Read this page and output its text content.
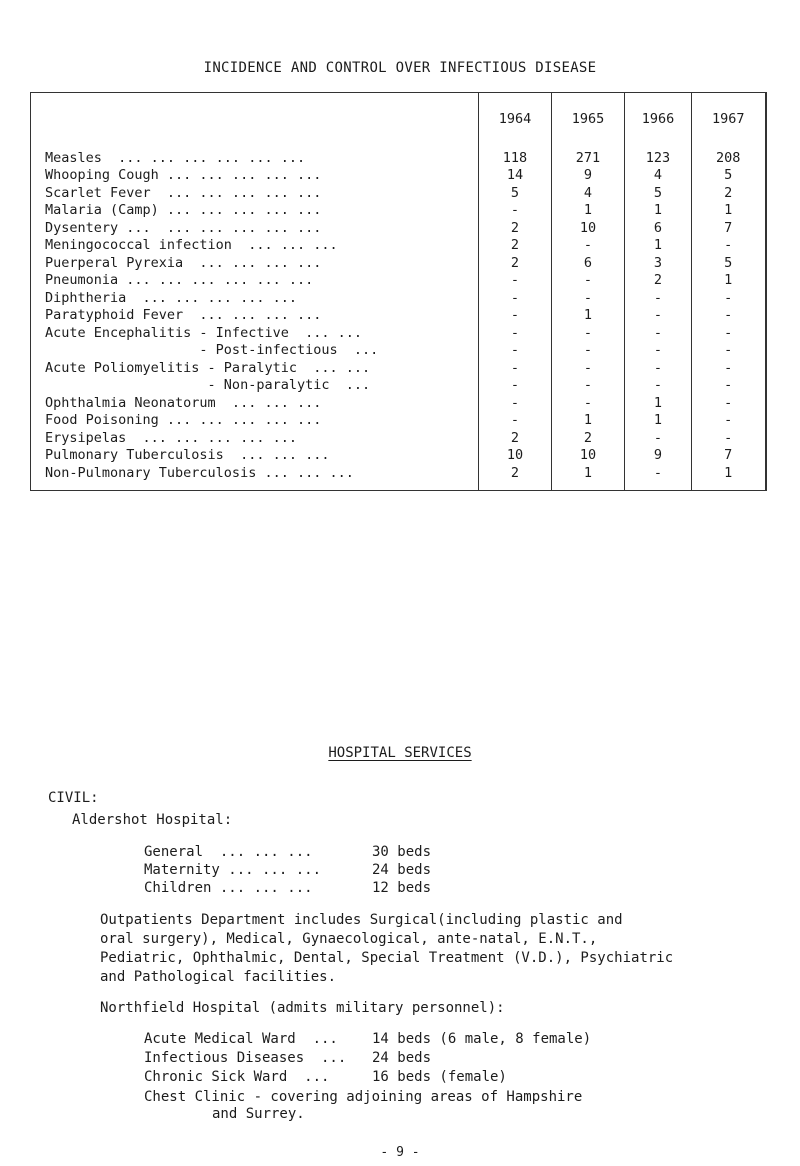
INCIDENCE AND CONTROL OVER INFECTIOUS DISEASE
	1964	1965	1966	1967
Measles  ... ... ... ... ... ...	118	271	123	208
Whooping Cough ... ... ... ... ...	14	9	4	5
Scarlet Fever  ... ... ... ... ...	5	4	5	2
Malaria (Camp) ... ... ... ... ...	-	1	1	1
Dysentery ...  ... ... ... ... ...	2	10	6	7
Meningococcal infection  ... ... ...	2	-	1	-
Puerperal Pyrexia  ... ... ... ...	2	6	3	5
Pneumonia ... ... ... ... ... ...	-	-	2	1
Diphtheria  ... ... ... ... ...	-	-	-	-
Paratyphoid Fever  ... ... ... ...	-	1	-	-
Acute Encephalitis - Infective  ... ...	-	-	-	-
- Post-infectious  ...	-	-	-	-
Acute Poliomyelitis - Paralytic  ... ...	-	-	-	-
- Non-paralytic  ...	-	-	-	-
Ophthalmia Neonatorum  ... ... ...	-	-	1	-
Food Poisoning ... ... ... ... ...	-	1	1	-
Erysipelas  ... ... ... ... ...	2	2	-	-
Pulmonary Tuberculosis  ... ... ...	10	10	9	7
Non-Pulmonary Tuberculosis ... ... ...	2	1	-	1
HOSPITAL SERVICES
CIVIL:
Aldershot Hospital:
General  ... ... ...	30 beds
Maternity ... ... ...	24 beds
Children ... ... ...	12 beds
Outpatients Department includes Surgical(including plastic and
oral surgery), Medical, Gynaecological, ante-natal, E.N.T.,
Pediatric, Ophthalmic, Dental, Special Treatment (V.D.), Psychiatric
and Pathological facilities.
Northfield Hospital (admits military personnel):
Acute Medical Ward  ... 14 beds (6 male, 8 female)
Infectious Diseases  ... 24 beds
Chronic Sick Ward  ...	16 beds (female)
Chest Clinic - covering adjoining areas of Hampshire
and Surrey.
- 9 -
